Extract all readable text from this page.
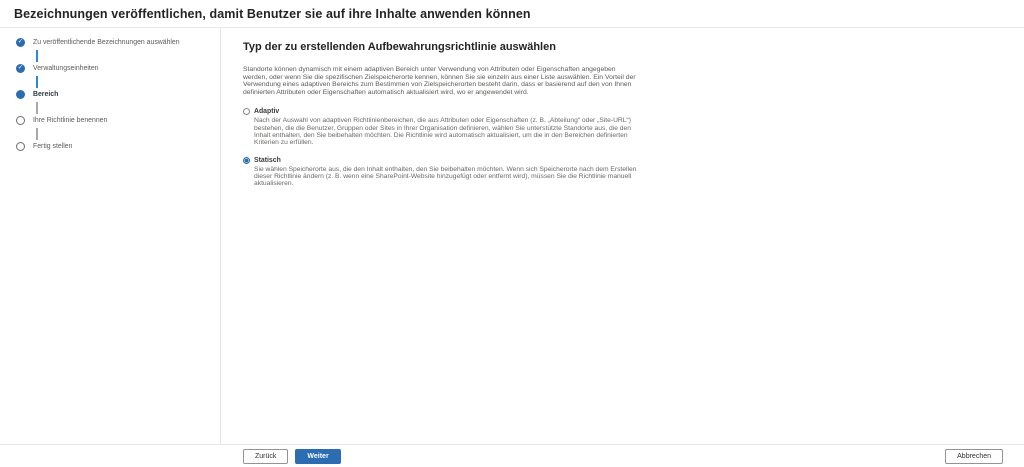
Bezeichnungen veröffentlichen, damit Benutzer sie auf ihre Inhalte anwenden können
✓ Zu veröffentlichende Bezeichnungen auswählen
✓ Verwaltungseinheiten
Bereich
Ihre Richtlinie benennen
Fertig stellen
Typ der zu erstellenden Aufbewahrungsrichtlinie auswählen

Standorte können dynamisch mit einem adaptiven Bereich unter Verwendung von Attributen oder Eigenschaften angegeben werden, oder wenn Sie die spezifischen Zielspeicherorte kennen, können Sie sie einzeln aus einer Liste auswählen. Ein Vorteil der Verwendung eines adaptiven Bereichs zum Bestimmen von Zielspeicherorten besteht darin, dass er basierend auf den von Ihnen definierten Attributen oder Eigenschaften automatisch aktualisiert wird, wo er angewendet wird.

Adaptiv

Nach der Auswahl von adaptiven Richtlinienbereichen, die aus Attributen oder Eigenschaften (z. B. „Abteilung“ oder „Site-URL“) bestehen, die die Benutzer, Gruppen oder Sites in Ihrer Organisation definieren, wählen Sie unterstützte Standorte aus, die den Inhalt enthalten, den Sie beibehalten möchten. Die Richtlinie wird automatisch aktualisiert, um die in den Bereichen definierten Kriterien zu erfüllen.

Statisch

Sie wählen Speicherorte aus, die den Inhalt enthalten, den Sie beibehalten möchten. Wenn sich Speicherorte nach dem Erstellen dieser Richtlinie ändern (z. B. wenn eine SharePoint-Website hinzugefügt oder entfernt wird), müssen Sie die Richtlinie manuell aktualisieren.

Zurück	Weiter	Abbrechen
